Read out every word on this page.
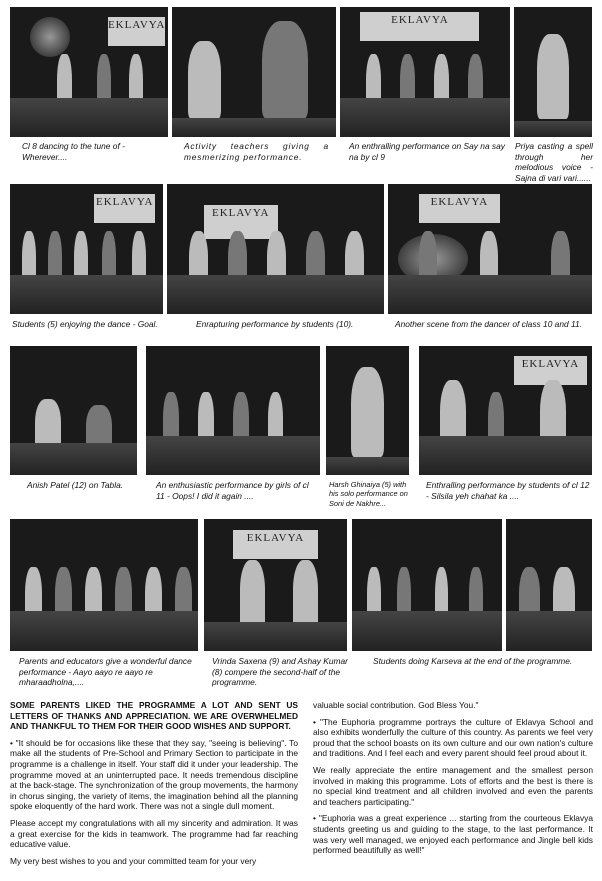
EKLAVYA	EKLAVYA
Cl 8 dancing to the tune of - Wherever....
Activity teachers giving a mesmerizing performance.
An enthralling performance on Say na say na by cl 9
Priya casting a spell through her melodious voice - Sajna di vari vari......
EKLAVYA
EKLAVYA
EKLAVYA
Students (5) enjoying the dance - Goal.	Enrapturing performance by students (10).	Another scene from the dancer of class 10 and 11.
EKLAVYA
Anish Patel (12) on Tabla.	An enthusiastic performance by girls of cl 11 - Oops! I did it again ....
Harsh Ghinaiya (5) with his solo performance on Soni de Nakhre...
Enthralling performance by students of cl 12 - Silsila yeh chahat ka ....
EKLAVYA
Parents and educators give a wonderful dance performance - Aayo aayo re aayo re mharaadholna,....
Vrinda Saxena (9) and Ashay Kumar (8) compere the second-half of the programme.
Students doing Karseva at the end of the programme.

SOME PARENTS LIKED THE PROGRAMME A LOT AND SENT US LETTERS OF THANKS AND APPRECIATION. WE ARE OVERWHELMED AND THANKFUL TO THEM FOR THEIR GOOD WISHES AND SUPPORT.

• "It should be for occasions like these that they say, "seeing is believing". To make all the students of Pre-School and Primary Section to participate in the programme is a challenge in itself. Your staff did it under your leadership. The programme moved at an uninterrupted pace. It needs tremendous discipline at the back-stage. The synchronization of the group movements, the harmony in chorus singing, the variety of items, the imagination behind all the planning spoke eloquently of the hard work. There was not a single dull moment.

Please accept my congratulations with all my sincerity and admiration. It was a great exercise for the kids in teamwork. The programme had far reaching educative value.

My very best wishes to you and your committed team for your very

valuable social contribution. God Bless You."

• "The Euphoria programme portrays the culture of Eklavya School and also exhibits wonderfully the culture of this country. As parents we feel very proud that the school boasts on its own culture and our own nation's culture and traditions. And I feel each and every parent should feel proud about it.

We really appreciate the entire management and the smallest person involved in making this programme. Lots of efforts and the best is there is no special kind treatment and all children involved and even the parents and teachers participating."

• "Euphoria was a great experience ... starting from the courteous Eklavya students greeting us and guiding to the stage, to the last performance. It was very well managed, we enjoyed each performance and Jingle bell kids performed beautifully as well!"
